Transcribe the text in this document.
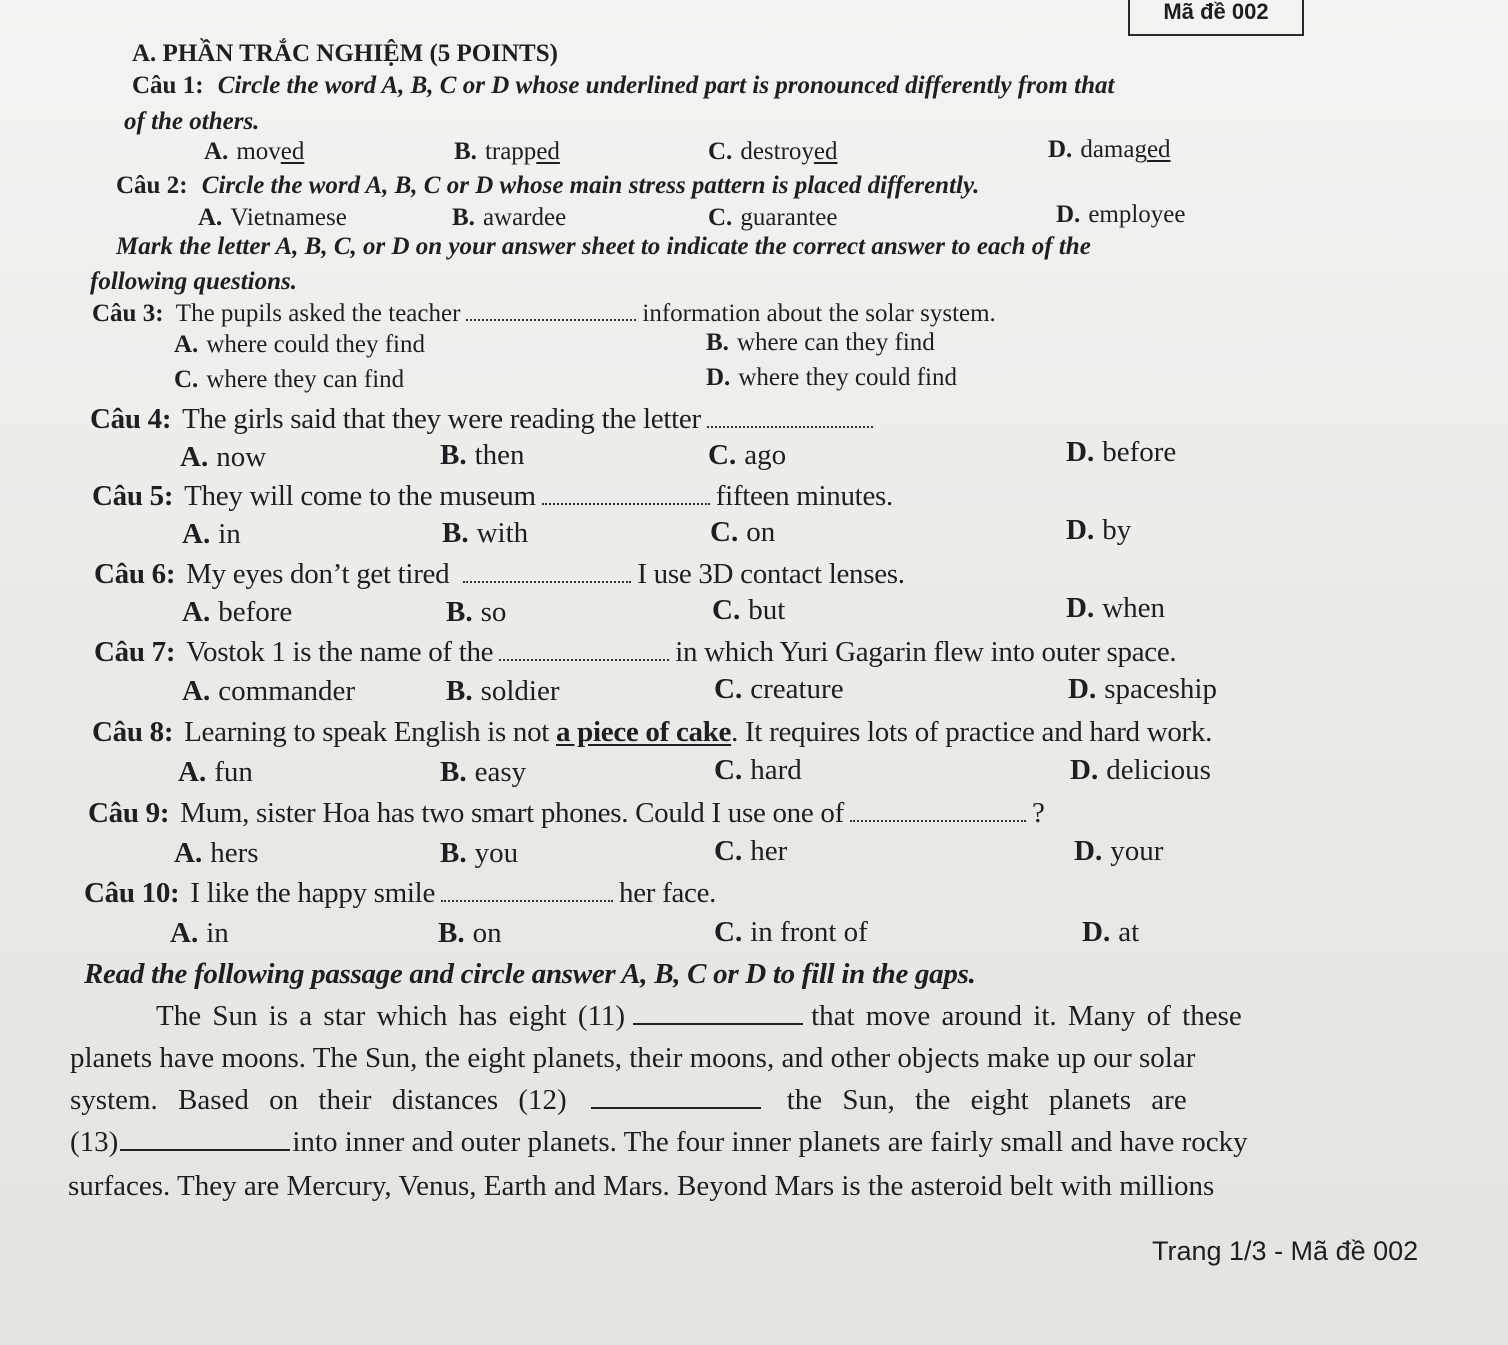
Mã đề 002
A. PHẦN TRẮC NGHIỆM (5 POINTS)
Câu 1: Circle the word A, B, C or D whose underlined part is pronounced differently from that
of the others.
A. moved	B. trapped	C. destroyed	D. damaged
Câu 2: Circle the word A, B, C or D whose main stress pattern is placed differently.
A. Vietnamese	B. awardee	C. guarantee	D. employee
Mark the letter A, B, C, or D on your answer sheet to indicate the correct answer to each of the
following questions.
Câu 3: The pupils asked the teacher	information about the solar system.
A. where could they find	B. where can they find
C. where they can find	D. where they could find
Câu 4: The girls said that they were reading the letter
A. now	B. then	C. ago	D. before
Câu 5: They will come to the museum	fifteen minutes.
A. in	B. with	C. on	D. by
Câu 6: My eyes don’t get tired	I use 3D contact lenses.
A. before	B. so	C. but	D. when
Câu 7: Vostok 1 is the name of the	in which Yuri Gagarin flew into outer space.
A. commander	B. soldier	C. creature	D. spaceship
Câu 8: Learning to speak English is not a piece of cake. It requires lots of practice and hard work.
A. fun	B. easy	C. hard	D. delicious
Câu 9: Mum, sister Hoa has two smart phones. Could I use one of	?
A. hers	B. you	C. her	D. your
Câu 10: I like the happy smile	her face.
A. in	B. on	C. in front of	D. at
Read the following passage and circle answer A, B, C or D to fill in the gaps.
The Sun is a star which has eight (11)	that move around it. Many of these
planets have moons. The Sun, the eight planets, their moons, and other objects make up our solar
system. Based on their distances (12)	the Sun, the eight planets are
(13)	into inner and outer planets. The four inner planets are fairly small and have rocky
surfaces. They are Mercury, Venus, Earth and Mars. Beyond Mars is the asteroid belt with millions
Trang 1/3 - Mã đề 002
